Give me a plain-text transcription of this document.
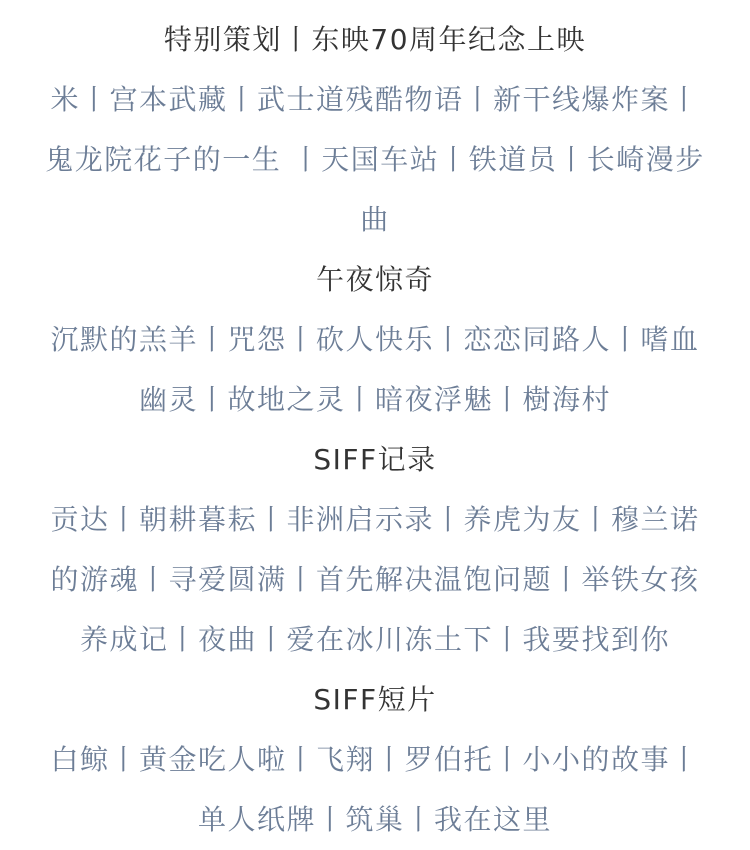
特别策划丨东映70周年纪念上映
米丨宫本武藏丨武士道残酷物语丨新干线爆炸案丨
鬼龙院花子的一生 丨天国车站丨铁道员丨长崎漫步
曲
午夜惊奇
沉默的羔羊丨咒怨丨砍人快乐丨恋恋同路人丨嗜血
幽灵丨故地之灵丨暗夜浮魅丨樹海村
SIFF记录
贡达丨朝耕暮耘丨非洲启示录丨养虎为友丨穆兰诺
的游魂丨寻爱圆满丨首先解决温饱问题丨举铁女孩
养成记丨夜曲丨爱在冰川冻土下丨我要找到你
SIFF短片
白鲸丨黄金吃人啦丨飞翔丨罗伯托丨小小的故事丨
单人纸牌丨筑巢丨我在这里
